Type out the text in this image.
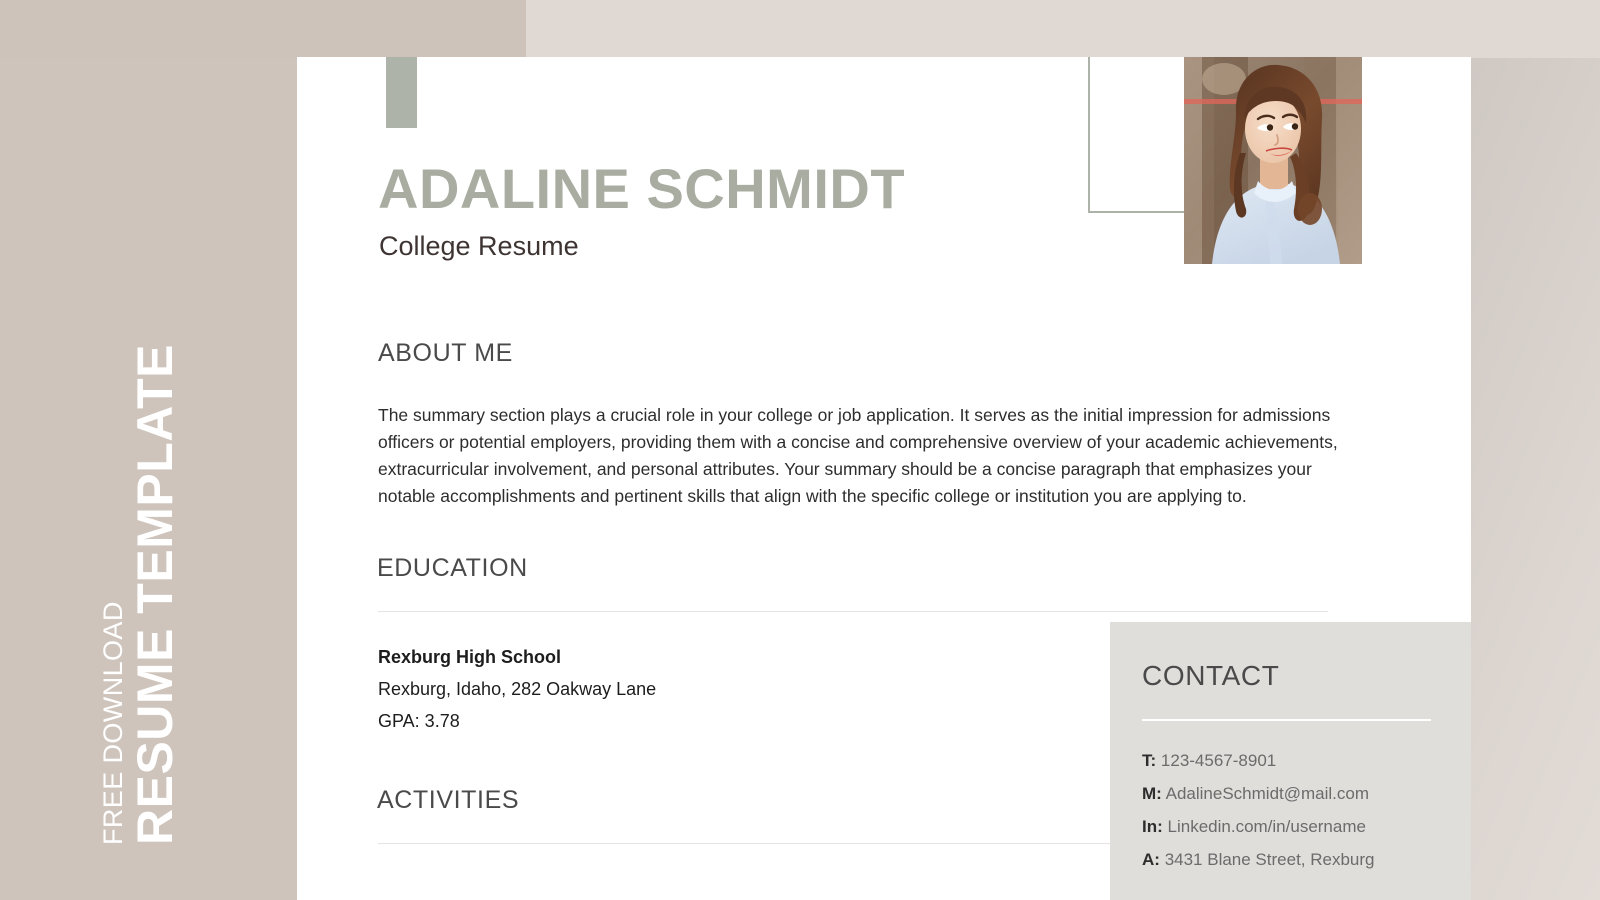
RESUME TEMPLATE
FREE DOWNLOAD
ADALINE SCHMIDT
College Resume
ABOUT ME
The summary section plays a crucial role in your college or job application. It serves as the initial impression for admissions officers or potential employers, providing them with a concise and comprehensive overview of your academic achievements, extracurricular involvement, and personal attributes. Your summary should be a concise paragraph that emphasizes your notable accomplishments and pertinent skills that align with the specific college or institution you are applying to.
EDUCATION
Rexburg High School
Rexburg, Idaho, 282 Oakway Lane
GPA: 3.78
ACTIVITIES
CONTACT
T: 123-4567-8901
M: AdalineSchmidt@mail.com
In: Linkedin.com/in/username
A: 3431 Blane Street, Rexburg
